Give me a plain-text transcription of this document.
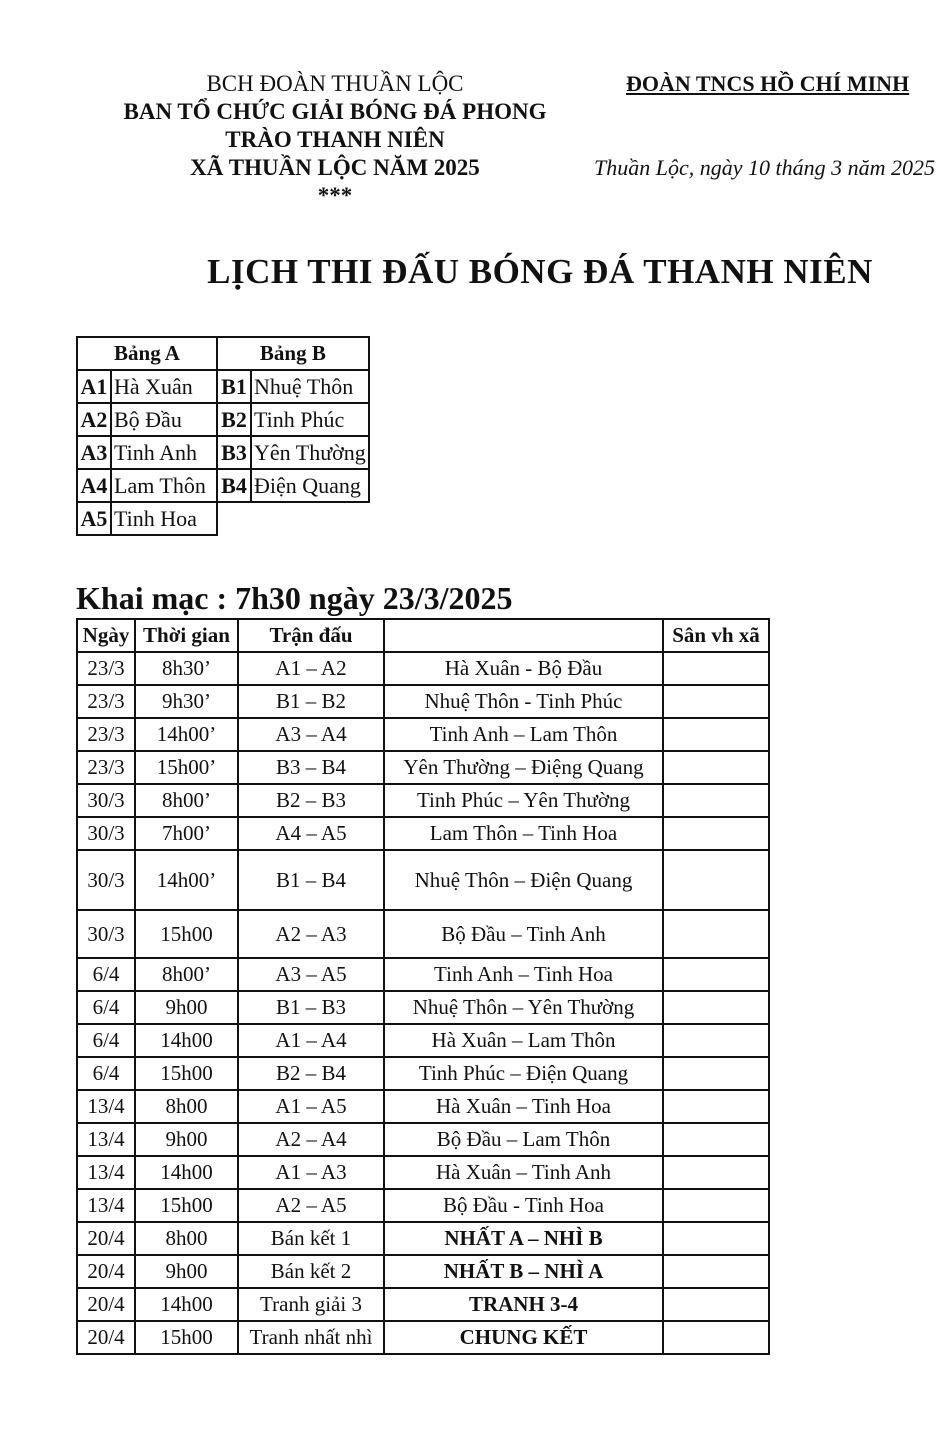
BCH ĐOÀN THUẦN LỘC
BAN TỔ CHỨC GIẢI BÓNG ĐÁ PHONG
TRÀO THANH NIÊN
XÃ THUẦN LỘC NĂM 2025
***
ĐOÀN TNCS HỒ CHÍ MINH
Thuần Lộc, ngày 10 tháng 3 năm 2025
LỊCH THI ĐẤU BÓNG ĐÁ THANH NIÊN
Bảng A		Bảng B	
A1	Hà Xuân	B1	Nhuệ Thôn
A2	Bộ Đầu	B2	Tinh Phúc
A3	Tinh Anh	B3	Yên Thường
A4	Lam Thôn	B4	Điện Quang
A5	Tinh Hoa		
Khai mạc : 7h30 ngày 23/3/2025
Ngày	Thời gian	Trận đấu		Sân vh xã
23/3	8h30’	A1 – A2	Hà Xuân - Bộ Đầu	
23/3	9h30’	B1 – B2	Nhuệ Thôn - Tinh Phúc	
23/3	14h00’	A3 – A4	Tinh Anh – Lam Thôn	
23/3	15h00’	B3 – B4	Yên Thường – Điệng Quang	
30/3	8h00’	B2 – B3	Tinh Phúc – Yên Thường	
30/3	7h00’	A4 – A5	Lam Thôn – Tinh Hoa	
30/3	14h00’	B1 – B4	Nhuệ Thôn – Điện Quang	
30/3	15h00	A2 – A3	Bộ Đầu – Tinh Anh	
6/4	8h00’	A3 – A5	Tinh Anh – Tinh Hoa	
6/4	9h00	B1 – B3	Nhuệ Thôn – Yên Thường	
6/4	14h00	A1 – A4	Hà Xuân – Lam Thôn	
6/4	15h00	B2 – B4	Tinh Phúc – Điện Quang	
13/4	8h00	A1 – A5	Hà Xuân – Tinh Hoa	
13/4	9h00	A2 – A4	Bộ Đầu – Lam Thôn	
13/4	14h00	A1 – A3	Hà Xuân – Tinh Anh	
13/4	15h00	A2 – A5	Bộ Đầu - Tinh Hoa	
20/4	8h00	Bán kết 1	NHẤT A – NHÌ B	
20/4	9h00	Bán kết 2	NHẤT B – NHÌ A	
20/4	14h00	Tranh giải 3	TRANH 3-4	
20/4	15h00	Tranh nhất nhì	CHUNG KẾT	
